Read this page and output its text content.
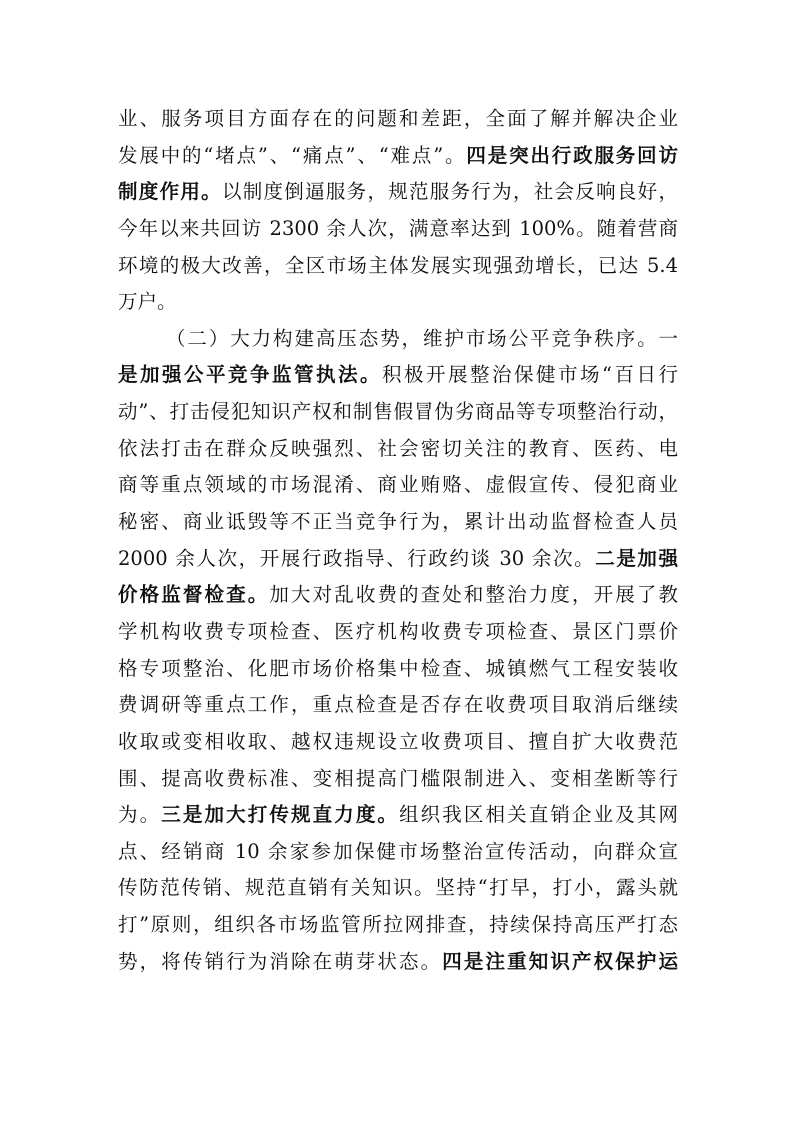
业、服务项目方面存在的问题和差距，全面了解并解决企业
发展中的“堵点”、“痛点”、“难点”。四是突出行政服务回访
制度作用。以制度倒逼服务，规范服务行为，社会反响良好，
今年以来共回访 2300 余人次，满意率达到 100%。随着营商
环境的极大改善，全区市场主体发展实现强劲增长，已达 5.4
万户。
（二）大力构建高压态势，维护市场公平竞争秩序。一
是加强公平竞争监管执法。积极开展整治保健市场“百日行
动”、打击侵犯知识产权和制售假冒伪劣商品等专项整治行动，
依法打击在群众反映强烈、社会密切关注的教育、医药、电
商等重点领域的市场混淆、商业贿赂、虚假宣传、侵犯商业
秘密、商业诋毁等不正当竞争行为，累计出动监督检查人员
2000 余人次，开展行政指导、行政约谈 30 余次。二是加强
价格监督检查。加大对乱收费的查处和整治力度，开展了教
学机构收费专项检查、医疗机构收费专项检查、景区门票价
格专项整治、化肥市场价格集中检查、城镇燃气工程安装收
费调研等重点工作，重点检查是否存在收费项目取消后继续
收取或变相收取、越权违规设立收费项目、擅自扩大收费范
围、提高收费标准、变相提高门槛限制进入、变相垄断等行
为。三是加大打传规直力度。组织我区相关直销企业及其网
点、经销商 10 余家参加保健市场整治宣传活动，向群众宣
传防范传销、规范直销有关知识。坚持“打早，打小，露头就
打”原则，组织各市场监管所拉网排查，持续保持高压严打态
势，将传销行为消除在萌芽状态。四是注重知识产权保护运
